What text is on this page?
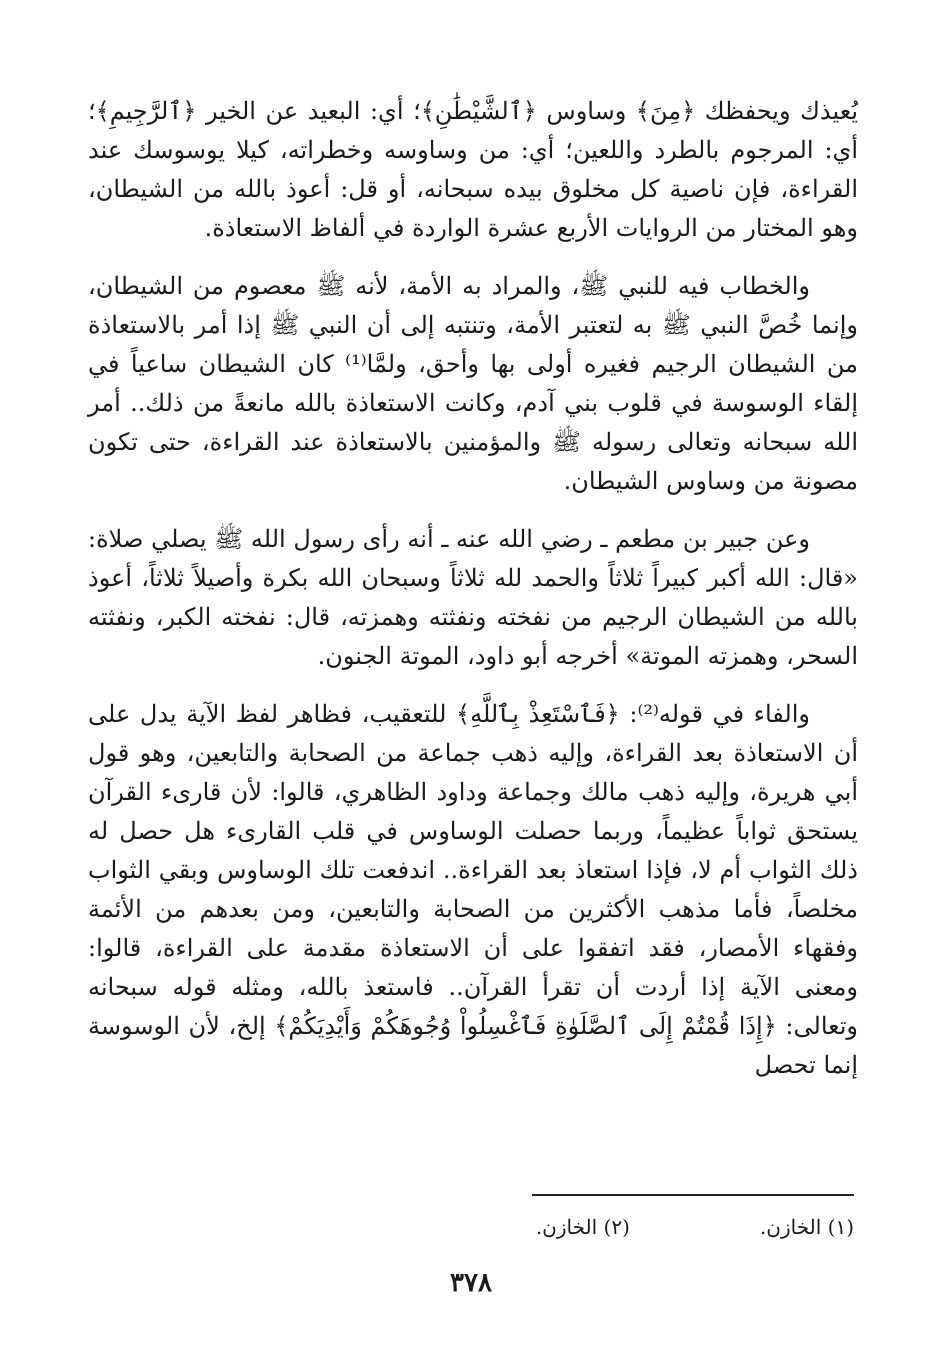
يُعيذك ويحفظك ﴿مِنَ﴾ وساوس ﴿ٱلشَّيْطَٰنِ﴾؛ أي: البعيد عن الخير ﴿ٱلرَّجِيمِ﴾؛ أي: المرجوم بالطرد واللعين؛ أي: من وساوسه وخطراته، كيلا يوسوسك عند القراءة، فإن ناصية كل مخلوق بيده سبحانه، أو قل: أعوذ بالله من الشيطان، وهو المختار من الروايات الأربع عشرة الواردة في ألفاظ الاستعاذة.

والخطاب فيه للنبي ﷺ، والمراد به الأمة، لأنه ﷺ معصوم من الشيطان، وإنما خُصَّ النبي ﷺ به لتعتبر الأمة، وتنتبه إلى أن النبي ﷺ إذا أمر بالاستعاذة من الشيطان الرجيم فغيره أولى بها وأحق، ولمَّا⁽¹⁾ كان الشيطان ساعياً في إلقاء الوسوسة في قلوب بني آدم، وكانت الاستعاذة بالله مانعةً من ذلك.. أمر الله سبحانه وتعالى رسوله ﷺ والمؤمنين بالاستعاذة عند القراءة، حتى تكون مصونة من وساوس الشيطان.

وعن جبير بن مطعم ـ رضي الله عنه ـ أنه رأى رسول الله ﷺ يصلي صلاة: «قال: الله أكبر كبيراً ثلاثاً والحمد لله ثلاثاً وسبحان الله بكرة وأصيلاً ثلاثاً، أعوذ بالله من الشيطان الرجيم من نفخته ونفثته وهمزته، قال: نفخته الكبر، ونفثته السحر، وهمزته الموتة» أخرجه أبو داود، الموتة الجنون.

والفاء في قوله⁽²⁾: ﴿فَٱسْتَعِذْ بِٱللَّهِ﴾ للتعقيب، فظاهر لفظ الآية يدل على أن الاستعاذة بعد القراءة، وإليه ذهب جماعة من الصحابة والتابعين، وهو قول أبي هريرة، وإليه ذهب مالك وجماعة وداود الظاهري، قالوا: لأن قارىء القرآن يستحق ثواباً عظيماً، وربما حصلت الوساوس في قلب القارىء هل حصل له ذلك الثواب أم لا، فإذا استعاذ بعد القراءة.. اندفعت تلك الوساوس وبقي الثواب مخلصاً، فأما مذهب الأكثرين من الصحابة والتابعين، ومن بعدهم من الأئمة وفقهاء الأمصار، فقد اتفقوا على أن الاستعاذة مقدمة على القراءة، قالوا: ومعنى الآية إذا أردت أن تقرأ القرآن.. فاستعذ بالله، ومثله قوله سبحانه وتعالى: ﴿إِذَا قُمْتُمْ إِلَى ٱلصَّلَوٰةِ فَٱغْسِلُواْ وُجُوهَكُمْ وَأَيْدِيَكُمْ﴾ إلخ، لأن الوسوسة إنما تحصل

(١) الخازن.
(٢) الخازن.
٣٧٨
